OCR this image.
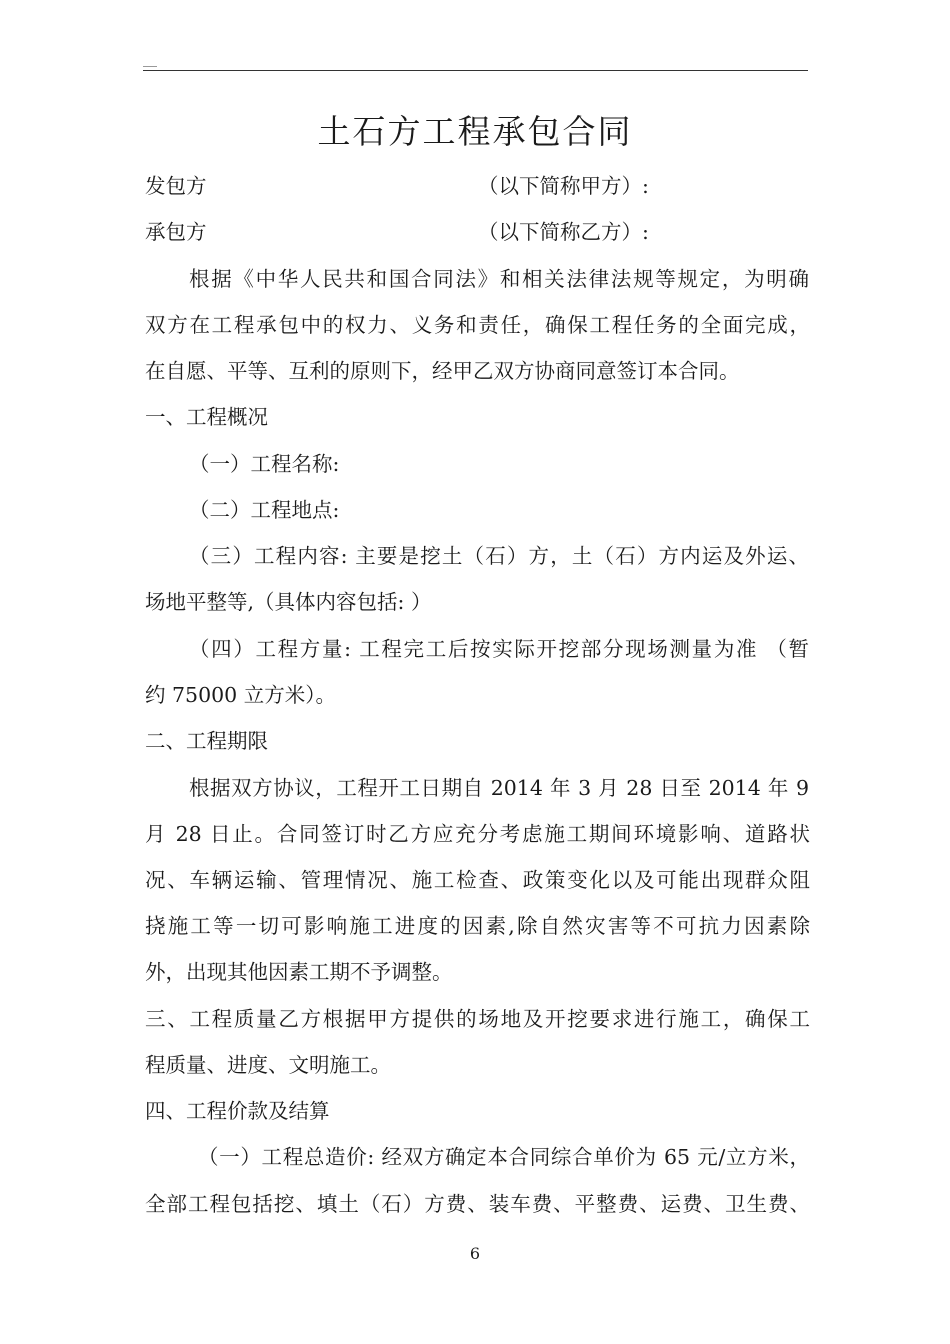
土石方工程承包合同
发包方	（以下简称甲方）:
承包方	（以下简称乙方）:
根据《中华人民共和国合同法》和相关法律法规等规定，为明确
双方在工程承包中的权力、义务和责任，确保工程任务的全面完成，
在自愿、平等、互利的原则下，经甲乙双方协商同意签订本合同。
一、工程概况
（一）工程名称:
（二）工程地点:
（三）工程内容: 主要是挖土（石）方，土（石）方内运及外运、
场地平整等,（具体内容包括: ）
（四）工程方量: 工程完工后按实际开挖部分现场测量为准 （暂
约 75000 立方米）。
二、工程期限
根据双方协议，工程开工日期自 2014 年 3 月 28 日至 2014 年 9
月 28 日止。合同签订时乙方应充分考虑施工期间环境影响、道路状
况、车辆运输、管理情况、施工检查、政策变化以及可能出现群众阻
挠施工等一切可影响施工进度的因素,除自然灾害等不可抗力因素除
外，出现其他因素工期不予调整。
三、工程质量乙方根据甲方提供的场地及开挖要求进行施工，确保工
程质量、进度、文明施工。
四、工程价款及结算
（一）工程总造价: 经双方确定本合同综合单价为 65 元/立方米，
全部工程包括挖、填土（石）方费、装车费、平整费、运费、卫生费、
6
